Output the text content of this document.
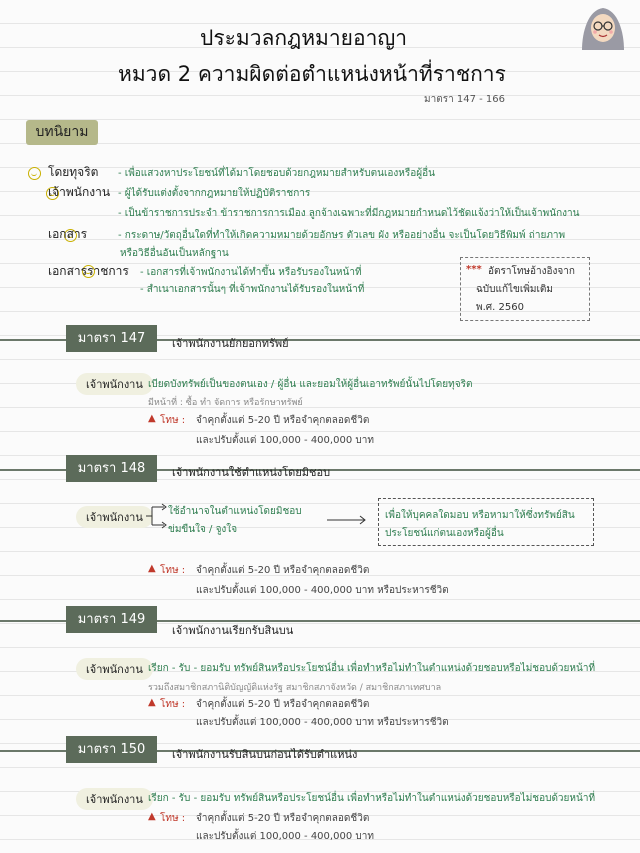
ประมวลกฎหมายอาญา
หมวด 2 ความผิดต่อตำแหน่งหน้าที่ราชการ
มาตรา 147 - 166
บทนิยาม

โดยทุจริต - เพื่อแสวงหาประโยชน์ที่ได้มาโดยชอบด้วยกฎหมายสำหรับตนเองหรือผู้อื่น

เจ้าพนักงาน - ผู้ได้รับแต่งตั้งจากกฎหมายให้ปฏิบัติราชการ
- เป็นข้าราชการประจำ ข้าราชการการเมือง ลูกจ้างเฉพาะที่มีกฎหมายกำหนดไว้ชัดแจ้งว่าให้เป็นเจ้าพนักงาน

เอกสาร	- กระดาษ/วัตถุอื่นใดที่ทำให้เกิดความหมายด้วยอักษร ตัวเลข ผัง หรืออย่างอื่น จะเป็นโดยวิธีพิมพ์ ถ่ายภาพ
หรือวิธีอื่นอันเป็นหลักฐาน
เอกสารราชการ - เอกสารที่เจ้าพนักงานได้ทำขึ้น หรือรับรองในหน้าที่
- สำเนาเอกสารนั้นๆ ที่เจ้าพนักงานได้รับรองในหน้าที่
*** อัตราโทษอ้างอิงจาก
ฉบับแก้ไขเพิ่มเติม
พ.ศ. 2560
มาตรา 147	เจ้าพนักงานยักยอกทรัพย์
เจ้าพนักงาน เบียดบังทรัพย์เป็นของตนเอง / ผู้อื่น และยอมให้ผู้อื่นเอาทรัพย์นั้นไปโดยทุจริต
มีหน้าที่ : ซื้อ ทำ จัดการ หรือรักษาทรัพย์
▲ โทษ : จำคุกตั้งแต่ 5-20 ปี หรือจำคุกตลอดชีวิต
และปรับตั้งแต่ 100,000 - 400,000 บาท
มาตรา 148	เจ้าพนักงานใช้ตำแหน่งโดยมิชอบ
เจ้าพนักงาน	ใช้อำนาจในตำแหน่งโดยมิชอบ
ข่มขืนใจ / จูงใจ
เพื่อให้บุคคลใดมอบ หรือหามาให้ซึ่งทรัพย์สิน
ประโยชน์แก่ตนเองหรือผู้อื่น
▲ โทษ : จำคุกตั้งแต่ 5-20 ปี หรือจำคุกตลอดชีวิต
และปรับตั้งแต่ 100,000 - 400,000 บาท หรือประหารชีวิต
มาตรา 149
เจ้าพนักงานเรียกรับสินบน
เจ้าพนักงาน เรียก - รับ - ยอมรับ ทรัพย์สินหรือประโยชน์อื่น เพื่อทำหรือไม่ทำในตำแหน่งด้วยชอบหรือไม่ชอบด้วยหน้าที่
รวมถึงสมาชิกสภานิติบัญญัติแห่งรัฐ สมาชิกสภาจังหวัด / สมาชิกสภาเทศบาล
▲ โทษ : จำคุกตั้งแต่ 5-20 ปี หรือจำคุกตลอดชีวิต
และปรับตั้งแต่ 100,000 - 400,000 บาท หรือประหารชีวิต
มาตรา 150	เจ้าพนักงานรับสินบนก่อนได้รับตำแหน่ง
เจ้าพนักงาน เรียก - รับ - ยอมรับ ทรัพย์สินหรือประโยชน์อื่น เพื่อทำหรือไม่ทำในตำแหน่งด้วยชอบหรือไม่ชอบด้วยหน้าที่
▲ โทษ : จำคุกตั้งแต่ 5-20 ปี หรือจำคุกตลอดชีวิต
และปรับตั้งแต่ 100,000 - 400,000 บาท
